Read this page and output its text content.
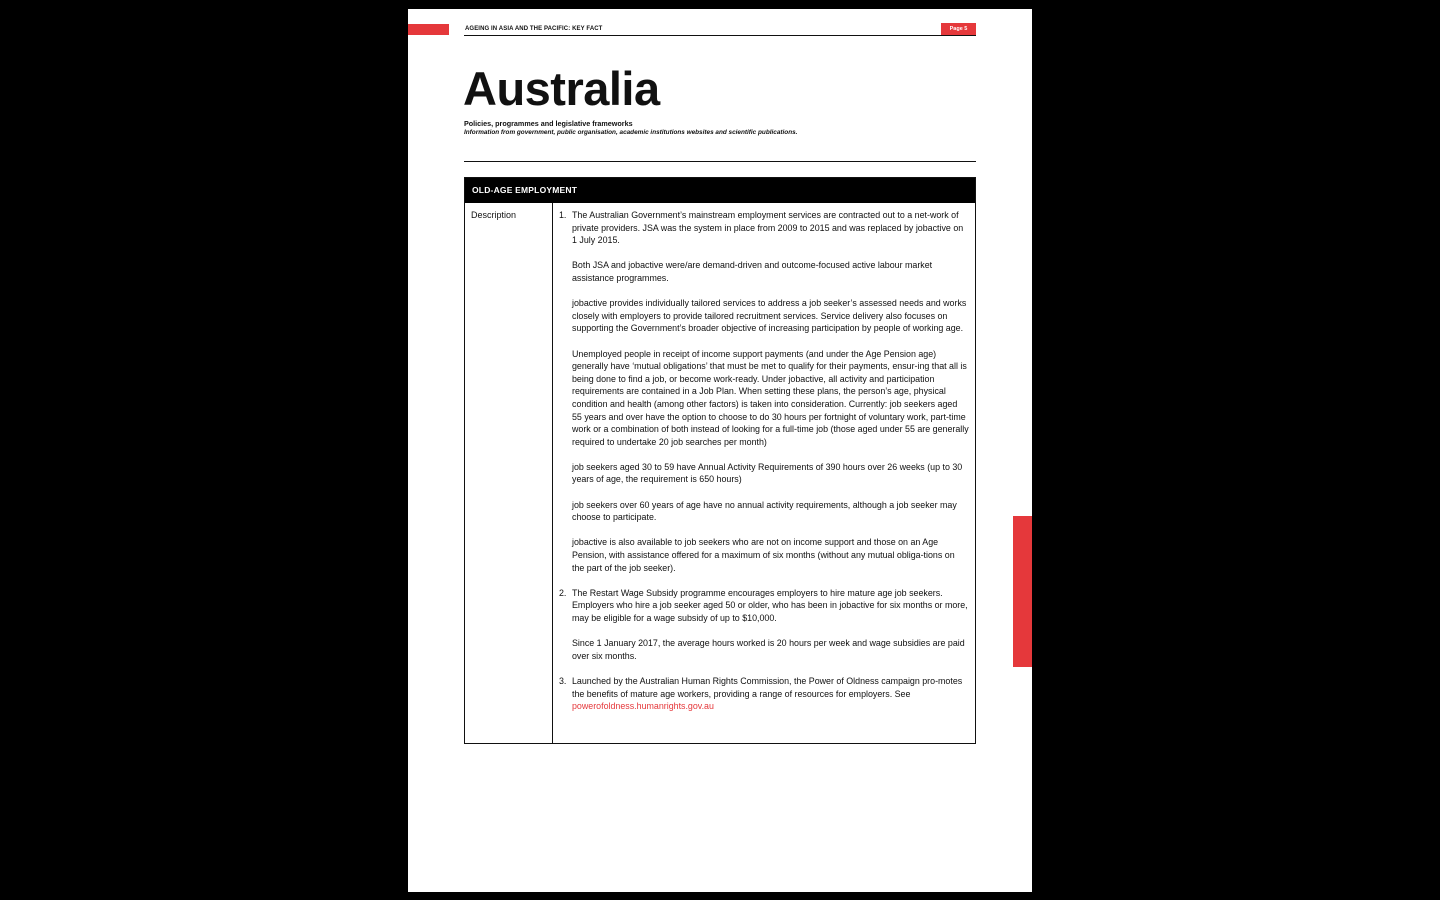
AGEING IN ASIA AND THE PACIFIC: KEY FACT	Page 5
Australia
Policies, programmes and legislative frameworks
Information from government, public organisation, academic institutions websites and scientific publications.
OLD-AGE EMPLOYMENT
Description	1. The Australian Government’s mainstream employment services are contracted out to a net-work of private providers. JSA was the system in place from 2009 to 2015 and was replaced by jobactive on 1 July 2015.

Both JSA and jobactive were/are demand-driven and outcome-focused active labour market assistance programmes.

jobactive provides individually tailored services to address a job seeker’s assessed needs and works closely with employers to provide tailored recruitment services. Service delivery also focuses on supporting the Government’s broader objective of increasing participation by people of working age.

Unemployed people in receipt of income support payments (and under the Age Pension age) generally have ‘mutual obligations’ that must be met to qualify for their payments, ensur-ing that all is being done to find a job, or become work-ready. Under jobactive, all activity and participation requirements are contained in a Job Plan. When setting these plans, the person’s age, physical condition and health (among other factors) is taken into consideration. Currently: job seekers aged 55 years and over have the option to choose to do 30 hours per fortnight of voluntary work, part-time work or a combination of both instead of looking for a full-time job (those aged under 55 are generally required to undertake 20 job searches per month)

job seekers aged 30 to 59 have Annual Activity Requirements of 390 hours over 26 weeks (up to 30 years of age, the requirement is 650 hours)

job seekers over 60 years of age have no annual activity requirements, although a job seeker may choose to participate.

jobactive is also available to job seekers who are not on income support and those on an Age Pension, with assistance offered for a maximum of six months (without any mutual obliga-tions on the part of the job seeker).

2. The Restart Wage Subsidy programme encourages employers to hire mature age job seekers. Employers who hire a job seeker aged 50 or older, who has been in jobactive for six months or more, may be eligible for a wage subsidy of up to $10,000.

Since 1 January 2017, the average hours worked is 20 hours per week and wage subsidies are paid over six months.

3. Launched by the Australian Human Rights Commission, the Power of Oldness campaign pro-motes the benefits of mature age workers, providing a range of resources for employers. See powerofoldness.humanrights.gov.au
